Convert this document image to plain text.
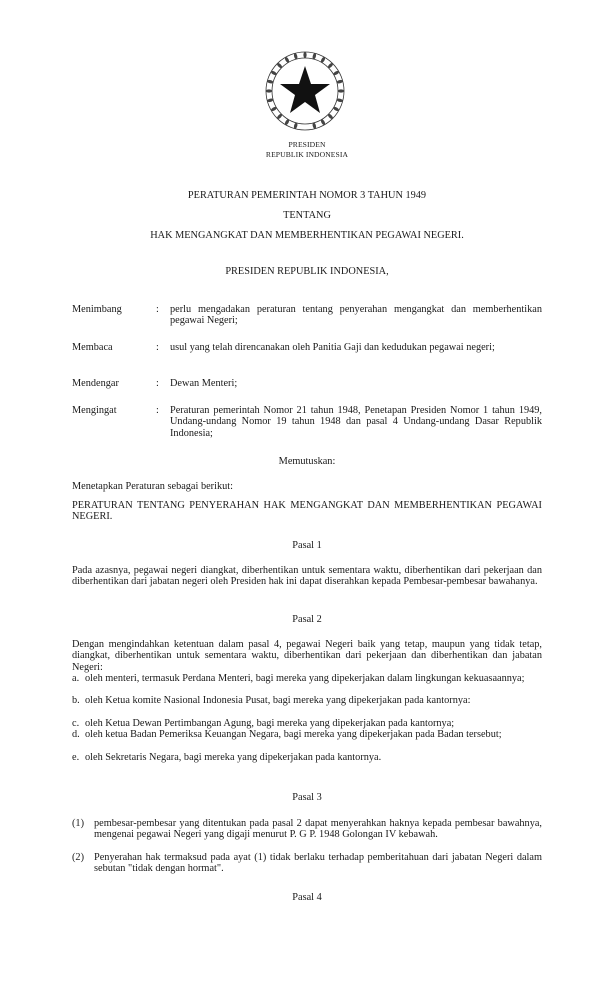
PRESIDEN
REPUBLIK INDONESIA
PERATURAN PEMERINTAH NOMOR 3 TAHUN 1949
TENTANG
HAK MENGANGKAT DAN MEMBERHENTIKAN PEGAWAI NEGERI.
PRESIDEN REPUBLIK INDONESIA,
Menimbang	: perlu mengadakan peraturan tentang penyerahan mengangkat dan memberhentikan pegawai Negeri;
Membaca	: usul yang telah direncanakan oleh Panitia Gaji dan kedudukan pegawai negeri;
Mendengar	: Dewan Menteri;
Mengingat	: Peraturan pemerintah Nomor 21 tahun 1948, Penetapan Presiden Nomor 1 tahun 1949, Undang-undang Nomor 19 tahun 1948 dan pasal 4 Undang-undang Dasar Republik Indonesia;
Memutuskan:
Menetapkan Peraturan sebagai berikut:
PERATURAN TENTANG PENYERAHAN HAK MENGANGKAT DAN MEMBERHENTIKAN PEGAWAI NEGERI.
Pasal 1
Pada azasnya, pegawai negeri diangkat, diberhentikan untuk sementara waktu, diberhentikan dari pekerjaan dan diberhentikan dari jabatan negeri oleh Presiden hak ini dapat diserahkan kepada Pembesar-pembesar bawahanya.
Pasal 2
Dengan mengindahkan ketentuan dalam pasal 4, pegawai Negeri baik yang tetap, maupun yang tidak tetap, diangkat, diberhentikan untuk sementara waktu, diberhentikan dari pekerjaan dan diberhentikan dan jabatan Negeri:
a. oleh menteri, termasuk Perdana Menteri, bagi mereka yang dipekerjakan dalam lingkungan kekuasaannya;
b. oleh Ketua komite Nasional Indonesia Pusat, bagi mereka yang dipekerjakan pada kantornya:
c. oleh Ketua Dewan Pertimbangan Agung, bagi mereka yang dipekerjakan pada kantornya;
d. oleh ketua Badan Pemeriksa Keuangan Negara, bagi mereka yang dipekerjakan pada Badan tersebut;
e. oleh Sekretaris Negara, bagi mereka yang dipekerjakan pada kantornya.
Pasal 3
(1) pembesar-pembesar yang ditentukan pada pasal 2 dapat menyerahkan haknya kepada pembesar bawahnya, mengenai pegawai Negeri yang digaji menurut P. G P. 1948 Golongan IV kebawah.
(2) Penyerahan hak termaksud pada ayat (1) tidak berlaku terhadap pemberitahuan dari jabatan Negeri dalam sebutan "tidak dengan hormat".
Pasal 4
